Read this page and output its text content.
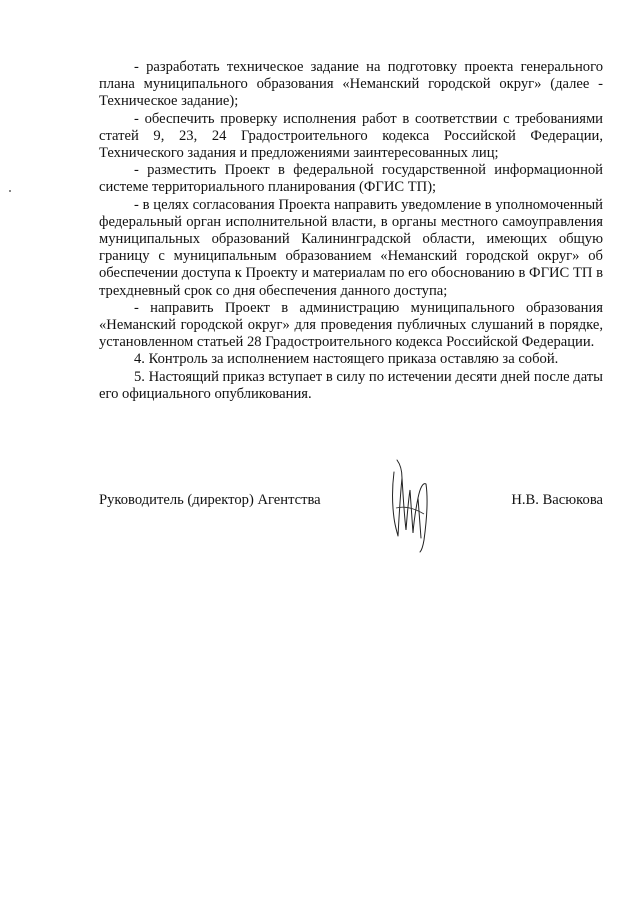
- разработать техническое задание на подготовку проекта генерального плана муниципального образования «Неманский городской округ» (далее - Техническое задание);

- обеспечить проверку исполнения работ в соответствии с требованиями статей 9, 23, 24 Градостроительного кодекса Российской Федерации, Технического задания и предложениями заинтересованных лиц;

- разместить Проект в федеральной государственной информационной системе территориального планирования (ФГИС ТП);

- в целях согласования Проекта направить уведомление в уполномоченный федеральный орган исполнительной власти, в органы местного самоуправления муниципальных образований Калининградской области, имеющих общую границу с муниципальным образованием «Неманский городской округ» об обеспечении доступа к Проекту и материалам по его обоснованию в ФГИС ТП в трехдневный срок со дня обеспечения данного доступа;

- направить Проект в администрацию муниципального образования «Неманский городской округ» для проведения публичных слушаний в порядке, установленном статьей 28 Градостроительного кодекса Российской Федерации.

4. Контроль за исполнением настоящего приказа оставляю за собой.

5. Настоящий приказ вступает в силу по истечении десяти дней после даты его официального опубликования.

Руководитель (директор) Агентства	Н.В. Васюкова
